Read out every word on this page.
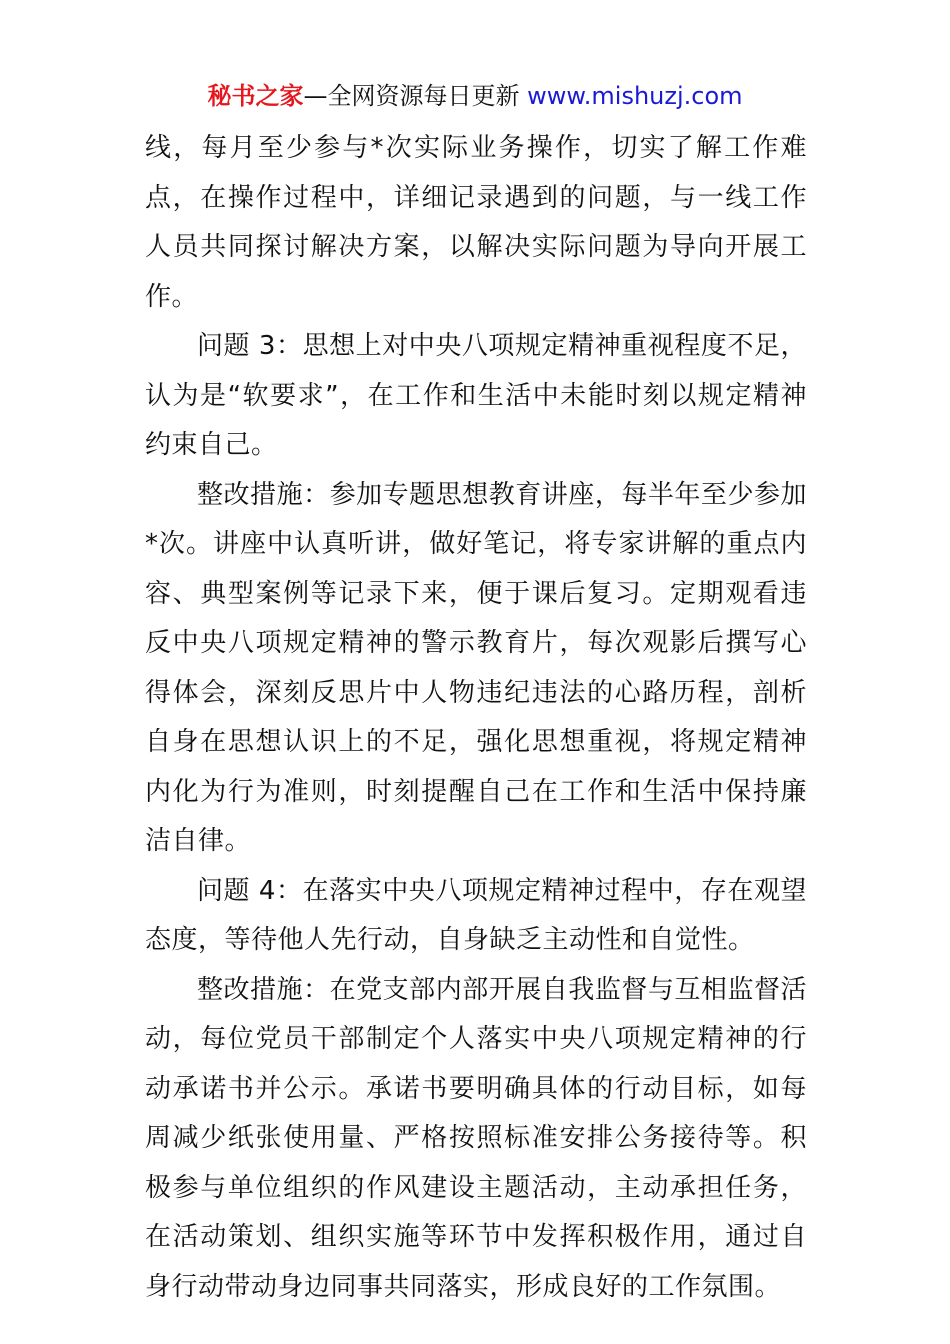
秘书之家—全网资源每日更新 www.mishuzj.com

线，每月至少参与*次实际业务操作，切实了解工作难点，在操作过程中，详细记录遇到的问题，与一线工作人员共同探讨解决方案，以解决实际问题为导向开展工作。

问题 3：思想上对中央八项规定精神重视程度不足，认为是“软要求”，在工作和生活中未能时刻以规定精神约束自己。

整改措施：参加专题思想教育讲座，每半年至少参加*次。讲座中认真听讲，做好笔记，将专家讲解的重点内容、典型案例等记录下来，便于课后复习。定期观看违反中央八项规定精神的警示教育片，每次观影后撰写心得体会，深刻反思片中人物违纪违法的心路历程，剖析自身在思想认识上的不足，强化思想重视，将规定精神内化为行为准则，时刻提醒自己在工作和生活中保持廉洁自律。

问题 4：在落实中央八项规定精神过程中，存在观望态度，等待他人先行动，自身缺乏主动性和自觉性。

整改措施：在党支部内部开展自我监督与互相监督活动，每位党员干部制定个人落实中央八项规定精神的行动承诺书并公示。承诺书要明确具体的行动目标，如每周减少纸张使用量、严格按照标准安排公务接待等。积极参与单位组织的作风建设主题活动，主动承担任务，在活动策划、组织实施等环节中发挥积极作用，通过自身行动带动身边同事共同落实，形成良好的工作氛围。
